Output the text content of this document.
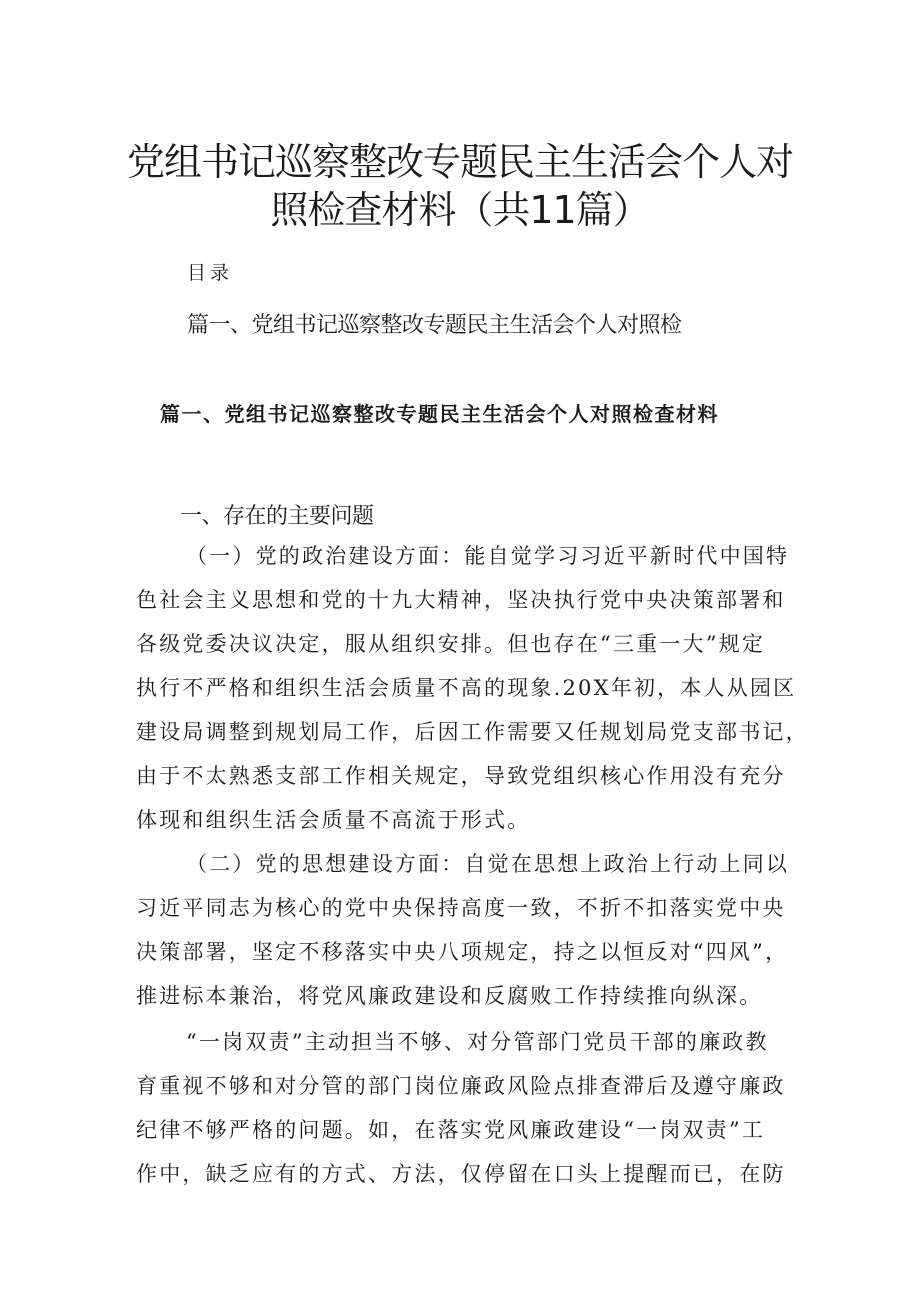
党组书记巡察整改专题民主生活会个人对
照检查材料（共11篇）
目录
篇一、党组书记巡察整改专题民主生活会个人对照检
篇一、党组书记巡察整改专题民主生活会个人对照检查材料
一、存在的主要问题
（一）党的政治建设方面：能自觉学习习近平新时代中国特
色社会主义思想和党的十九大精神，坚决执行党中央决策部署和
各级党委决议决定，服从组织安排。但也存在“三重一大”规定
执行不严格和组织生活会质量不高的现象.20X年初，本人从园区
建设局调整到规划局工作，后因工作需要又任规划局党支部书记，
由于不太熟悉支部工作相关规定，导致党组织核心作用没有充分
体现和组织生活会质量不高流于形式。
（二）党的思想建设方面：自觉在思想上政治上行动上同以
习近平同志为核心的党中央保持高度一致，不折不扣落实党中央
决策部署，坚定不移落实中央八项规定，持之以恒反对“四风”，
推进标本兼治，将党风廉政建设和反腐败工作持续推向纵深。
“一岗双责”主动担当不够、对分管部门党员干部的廉政教
育重视不够和对分管的部门岗位廉政风险点排查滞后及遵守廉政
纪律不够严格的问题。如，在落实党风廉政建设“一岗双责”工
作中，缺乏应有的方式、方法，仅停留在口头上提醒而已，在防
